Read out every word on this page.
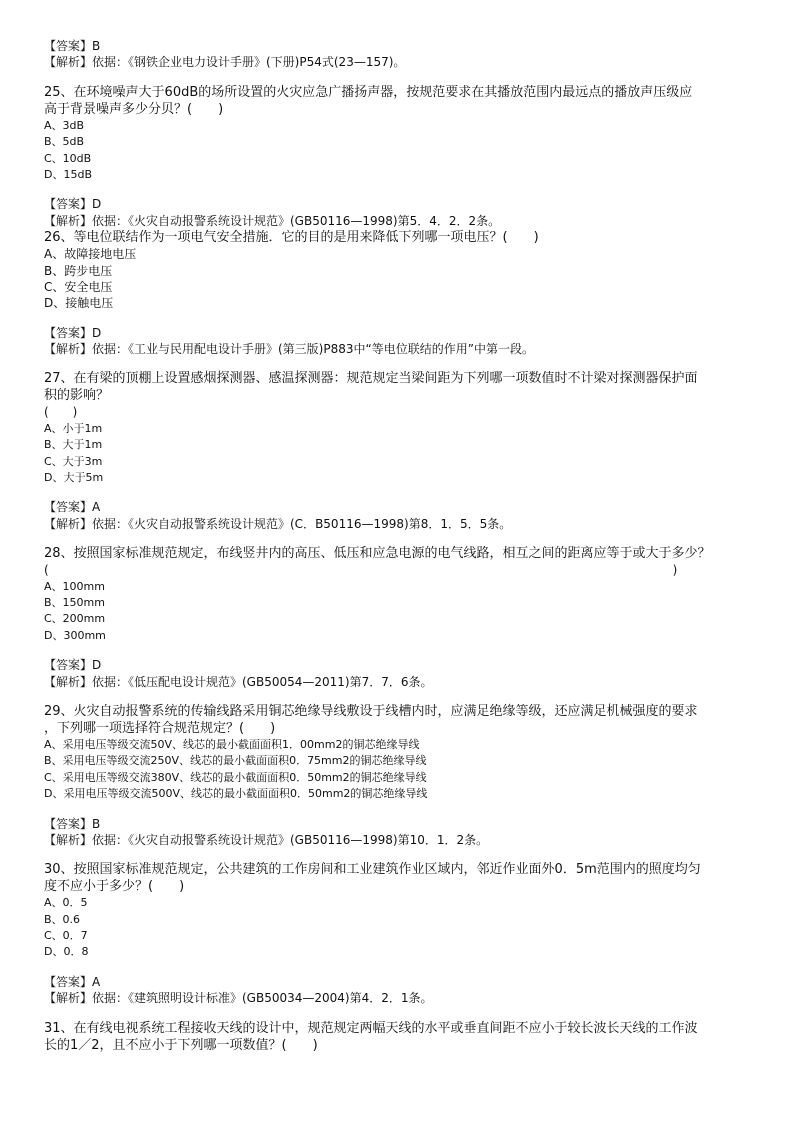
【答案】B
【解析】依据：《钢铁企业电力设计手册》(下册)P54式(23—157)。
25、在环境噪声大于60dB的场所设置的火灾应急广播扬声器，按规范要求在其播放范围内最远点的播放声压级应
高于背景噪声多少分贝？(　　)
A、3dB
B、5dB
C、10dB
D、15dB
【答案】D
【解析】依据：《火灾自动报警系统设计规范》(GB50116—1998)第5．4．2．2条。
26、等电位联结作为一项电气安全措施．它的目的是用来降低下列哪一项电压？(　　)
A、故障接地电压
B、跨步电压
C、安全电压
D、接触电压
【答案】D
【解析】依据：《工业与民用配电设计手册》(第三版)P883中“等电位联结的作用”中第一段。
27、在有梁的顶棚上设置感烟探测器、感温探测器：规范规定当梁间距为下列哪一项数值时不计梁对探测器保护面
积的影响？
(　　)
A、小于1m
B、大于1m
C、大于3m
D、大于5m
【答案】A
【解析】依据：《火灾自动报警系统设计规范》(C．B50116—1998)第8．1．5．5条。
28、按照国家标准规范规定，布线竖井内的高压、低压和应急电源的电气线路，相互之间的距离应等于或大于多少？
(　　　　　　　　　　　　　　　　　　　　　　　　　　　　　　　　　　　　　　　　　　　　　　　　　　　　)
A、100mm
B、150mm
C、200mm
D、300mm
【答案】D
【解析】依据：《低压配电设计规范》(GB50054—2011)第7．7．6条。
29、火灾自动报警系统的传输线路采用铜芯绝缘导线敷设于线槽内时，应满足绝缘等级，还应满足机械强度的要求
，下列哪一项选择符合规范规定？(　　)
A、采用电压等级交流50V、线芯的最小截面面积1．00mm2的铜芯绝缘导线
B、采用电压等级交流250V、线芯的最小截面面积0．75mm2的铜芯绝缘导线
C、采用电压等级交流380V、线芯的最小截面面积0．50mm2的铜芯绝缘导线
D、采用电压等级交流500V、线芯的最小截面面积0．50mm2的铜芯绝缘导线
【答案】B
【解析】依据：《火灾自动报警系统设计规范》(GB50116—1998)第10．1．2条。
30、按照国家标准规范规定，公共建筑的工作房间和工业建筑作业区域内，邻近作业面外0．5m范围内的照度均匀
度不应小于多少？(　　)
A、0．5
B、0.6
C、0．7
D、0．8
【答案】A
【解析】依据：《建筑照明设计标准》(GB50034—2004)第4．2．1条。
31、在有线电视系统工程接收天线的设计中，规范规定两幅天线的水平或垂直间距不应小于较长波长天线的工作波
长的1／2，且不应小于下列哪一项数值？(　　)
